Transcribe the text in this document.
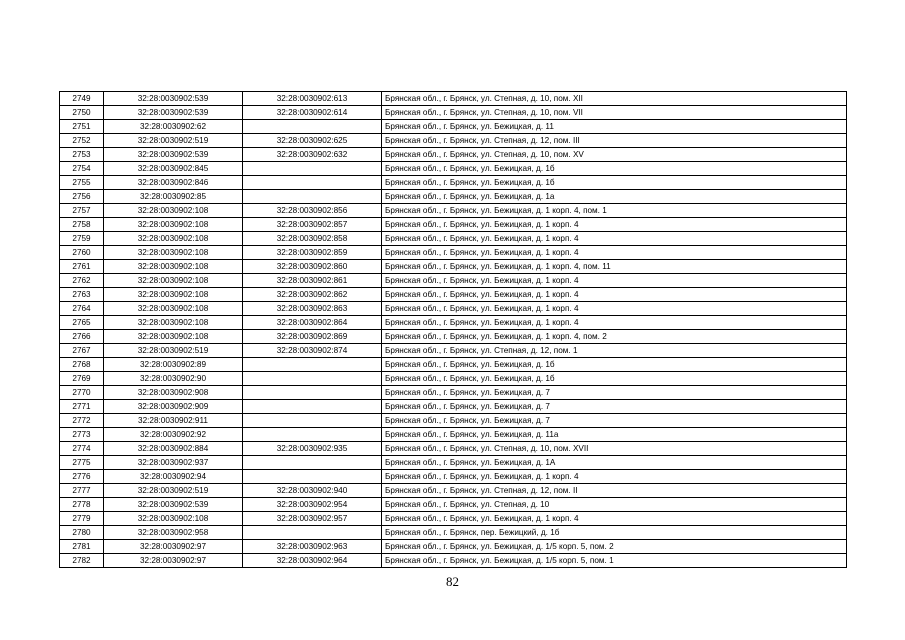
2749	32:28:0030902:539	32:28:0030902:613	Брянская обл., г. Брянск, ул. Степная, д. 10, пом. XII
2750	32:28:0030902:539	32:28:0030902:614	Брянская обл., г. Брянск, ул. Степная, д. 10, пом. VII
2751	32:28:0030902:62		Брянская обл., г. Брянск, ул. Бежицкая, д. 11
2752	32:28:0030902:519	32:28:0030902:625	Брянская обл., г. Брянск, ул. Степная, д. 12, пом. III
2753	32:28:0030902:539	32:28:0030902:632	Брянская обл., г. Брянск, ул. Степная, д. 10, пом. XV
2754	32:28:0030902:845		Брянская обл., г. Брянск, ул. Бежицкая, д. 1б
2755	32:28:0030902:846		Брянская обл., г. Брянск, ул. Бежицкая, д. 1б
2756	32:28:0030902:85		Брянская обл., г. Брянск, ул. Бежицкая, д. 1а
2757	32:28:0030902:108	32:28:0030902:856	Брянская обл., г. Брянск, ул. Бежицкая, д. 1 корп. 4, пом. 1
2758	32:28:0030902:108	32:28:0030902:857	Брянская обл., г. Брянск, ул. Бежицкая, д. 1 корп. 4
2759	32:28:0030902:108	32:28:0030902:858	Брянская обл., г. Брянск, ул. Бежицкая, д. 1 корп. 4
2760	32:28:0030902:108	32:28:0030902:859	Брянская обл., г. Брянск, ул. Бежицкая, д. 1 корп. 4
2761	32:28:0030902:108	32:28:0030902:860	Брянская обл., г. Брянск, ул. Бежицкая, д. 1 корп. 4, пом. 11
2762	32:28:0030902:108	32:28:0030902:861	Брянская обл., г. Брянск, ул. Бежицкая, д. 1 корп. 4
2763	32:28:0030902:108	32:28:0030902:862	Брянская обл., г. Брянск, ул. Бежицкая, д. 1 корп. 4
2764	32:28:0030902:108	32:28:0030902:863	Брянская обл., г. Брянск, ул. Бежицкая, д. 1 корп. 4
2765	32:28:0030902:108	32:28:0030902:864	Брянская обл., г. Брянск, ул. Бежицкая, д. 1 корп. 4
2766	32:28:0030902:108	32:28:0030902:869	Брянская обл., г. Брянск, ул. Бежицкая, д. 1 корп. 4, пом. 2
2767	32:28:0030902:519	32:28:0030902:874	Брянская обл., г. Брянск, ул. Степная, д. 12, пом. 1
2768	32:28:0030902:89		Брянская обл., г. Брянск, ул. Бежицкая, д. 1б
2769	32:28:0030902:90		Брянская обл., г. Брянск, ул. Бежицкая, д. 1б
2770	32:28:0030902:908		Брянская обл., г. Брянск, ул. Бежицкая, д. 7
2771	32:28:0030902:909		Брянская обл., г. Брянск, ул. Бежицкая, д. 7
2772	32:28:0030902:911		Брянская обл., г. Брянск, ул. Бежицкая, д. 7
2773	32:28:0030902:92		Брянская обл., г. Брянск, ул. Бежицкая, д. 11а
2774	32:28:0030902:884	32:28:0030902:935	Брянская обл., г. Брянск, ул. Степная, д. 10, пом. XVII
2775	32:28:0030902:937		Брянская обл., г. Брянск, ул. Бежицкая, д. 1А
2776	32:28:0030902:94		Брянская обл., г. Брянск, ул. Бежицкая, д. 1 корп. 4
2777	32:28:0030902:519	32:28:0030902:940	Брянская обл., г. Брянск, ул. Степная, д. 12, пом. II
2778	32:28:0030902:539	32:28:0030902:954	Брянская обл., г. Брянск, ул. Степная, д. 10
2779	32:28:0030902:108	32:28:0030902:957	Брянская обл., г. Брянск, ул. Бежицкая, д. 1 корп. 4
2780	32:28:0030902:958		Брянская обл., г. Брянск, пер. Бежицкий, д. 1б
2781	32:28:0030902:97	32:28:0030902:963	Брянская обл., г. Брянск, ул. Бежицкая, д. 1/5 корп. 5, пом. 2
2782	32:28:0030902:97	32:28:0030902:964	Брянская обл., г. Брянск, ул. Бежицкая, д. 1/5 корп. 5, пом. 1
82
